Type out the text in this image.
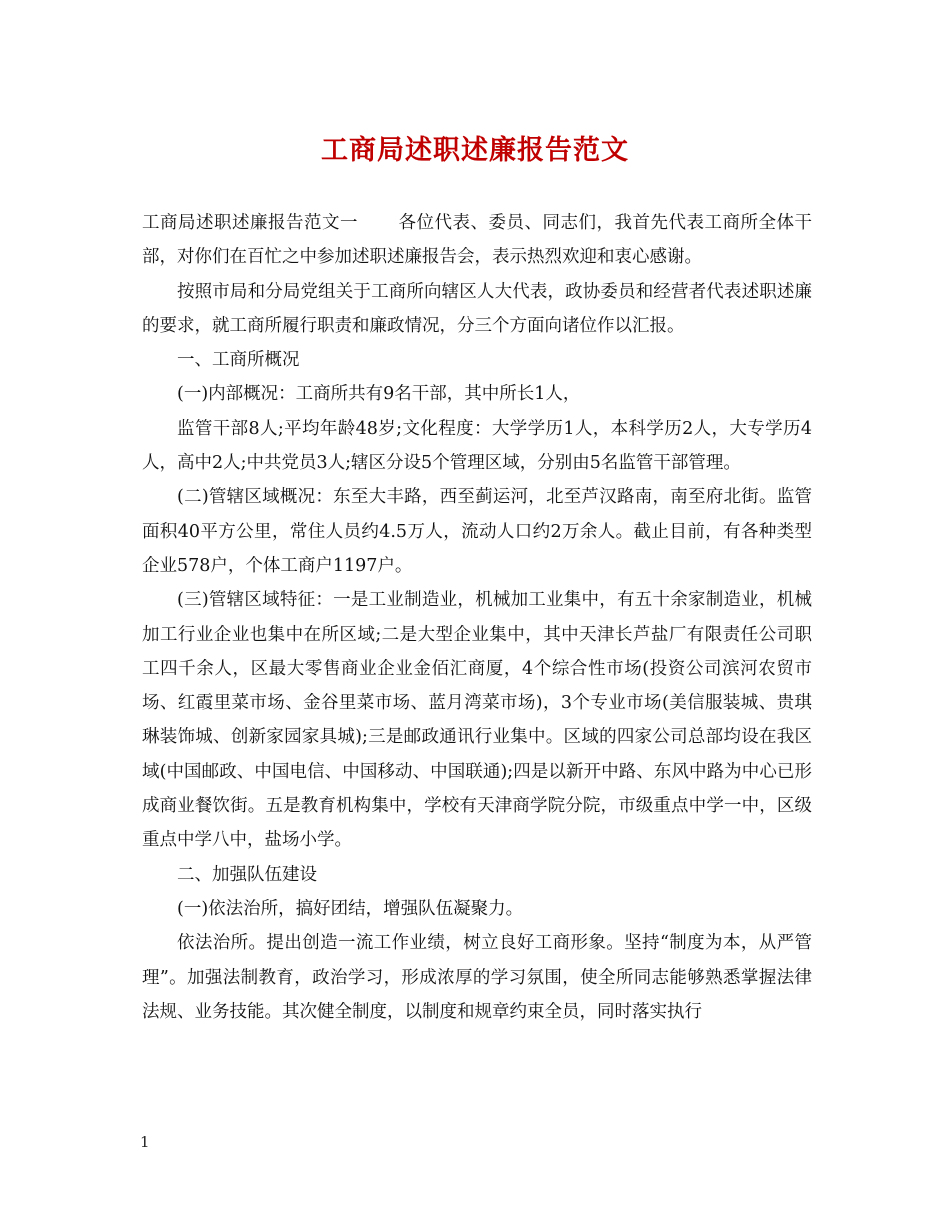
工商局述职述廉报告范文

工商局述职述廉报告范文一 各位代表、委员、同志们，我首先代表工商所全体干部，对你们在百忙之中参加述职述廉报告会，表示热烈欢迎和衷心感谢。

按照市局和分局党组关于工商所向辖区人大代表，政协委员和经营者代表述职述廉的要求，就工商所履行职责和廉政情况，分三个方面向诸位作以汇报。

一、工商所概况

(一)内部概况：工商所共有9名干部，其中所长1人，

监管干部8人;平均年龄48岁;文化程度：大学学历1人，本科学历2人，大专学历4人，高中2人;中共党员3人;辖区分设5个管理区域，分别由5名监管干部管理。

(二)管辖区域概况：东至大丰路，西至蓟运河，北至芦汉路南，南至府北街。监管面积40平方公里，常住人员约4.5万人，流动人口约2万余人。截止目前，有各种类型企业578户，个体工商户1197户。

(三)管辖区域特征：一是工业制造业，机械加工业集中，有五十余家制造业，机械加工行业企业也集中在所区域;二是大型企业集中，其中天津长芦盐厂有限责任公司职工四千余人，区最大零售商业企业金佰汇商厦，4个综合性市场(投资公司滨河农贸市场、红霞里菜市场、金谷里菜市场、蓝月湾菜市场)，3个专业市场(美信服装城、贵琪琳装饰城、创新家园家具城);三是邮政通讯行业集中。区域的四家公司总部均设在我区域(中国邮政、中国电信、中国移动、中国联通);四是以新开中路、东风中路为中心已形成商业餐饮街。五是教育机构集中，学校有天津商学院分院，市级重点中学一中，区级重点中学八中，盐场小学。

二、加强队伍建设

(一)依法治所，搞好团结，增强队伍凝聚力。

依法治所。提出创造一流工作业绩，树立良好工商形象。坚持“制度为本，从严管理”。加强法制教育，政治学习，形成浓厚的学习氛围，使全所同志能够熟悉掌握法律法规、业务技能。其次健全制度，以制度和规章约束全员，同时落实执行

1
